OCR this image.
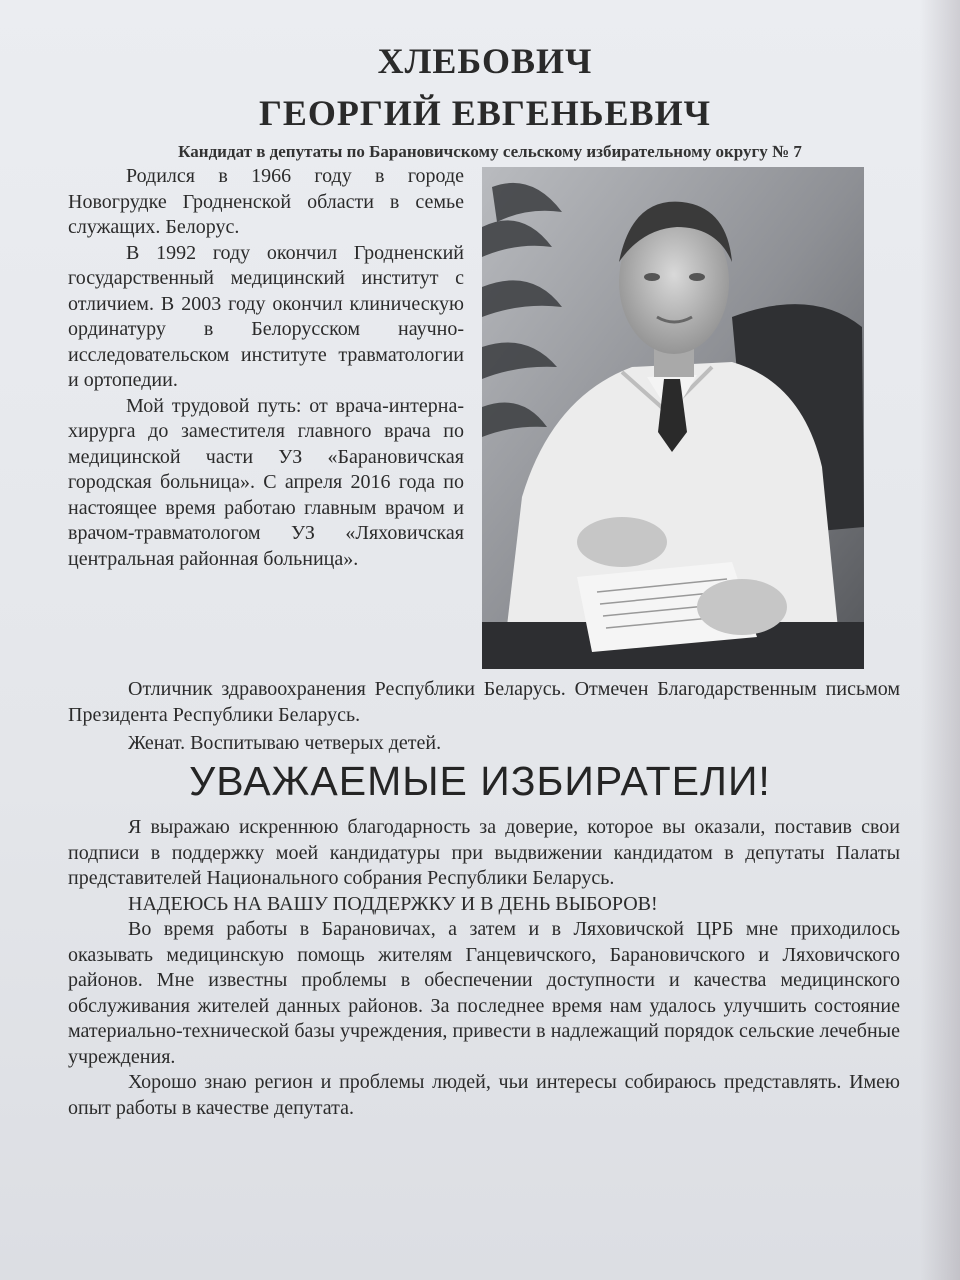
ХЛЕБОВИЧ
ГЕОРГИЙ ЕВГЕНЬЕВИЧ
Кандидат в депутаты по Барановичскому сельскому избирательному округу № 7

Родился в 1966 году в городе Новогрудке Гродненской области в семье служащих. Белорус.

В 1992 году окончил Гродненский государственный медицинский институт с отличием. В 2003 году окончил клиническую ординатуру в Белорусском научно-исследовательском институте травматологии и ортопедии.

Мой трудовой путь: от врача-интерна-хирурга до заместителя главного врача по медицинской части УЗ «Барановичская городская больница». С апреля 2016 года по настоящее время работаю главным врачом и врачом-травматологом УЗ «Ляховичская центральная районная больница».

Отличник здравоохранения Республики Беларусь. Отмечен Благодарственным письмом Президента Республики Беларусь.

Женат. Воспитываю четверых детей.

УВАЖАЕМЫЕ ИЗБИРАТЕЛИ!

Я выражаю искреннюю благодарность за доверие, которое вы оказали, поставив свои подписи в поддержку моей кандидатуры при выдвижении кандидатом в депутаты Палаты представителей Национального собрания Республики Беларусь.

НАДЕЮСЬ НА ВАШУ ПОДДЕРЖКУ И В ДЕНЬ ВЫБОРОВ!

Во время работы в Барановичах, а затем и в Ляховичской ЦРБ мне приходилось оказывать медицинскую помощь жителям Ганцевичского, Барановичского и Ляховичского районов. Мне известны проблемы в обеспечении доступности и качества медицинского обслуживания жителей данных районов. За последнее время нам удалось улучшить состояние материально-технической базы учреждения, привести в надлежащий порядок сельские лечебные учреждения.

Хорошо знаю регион и проблемы людей, чьи интересы собираюсь представлять. Имею опыт работы в качестве депутата.
